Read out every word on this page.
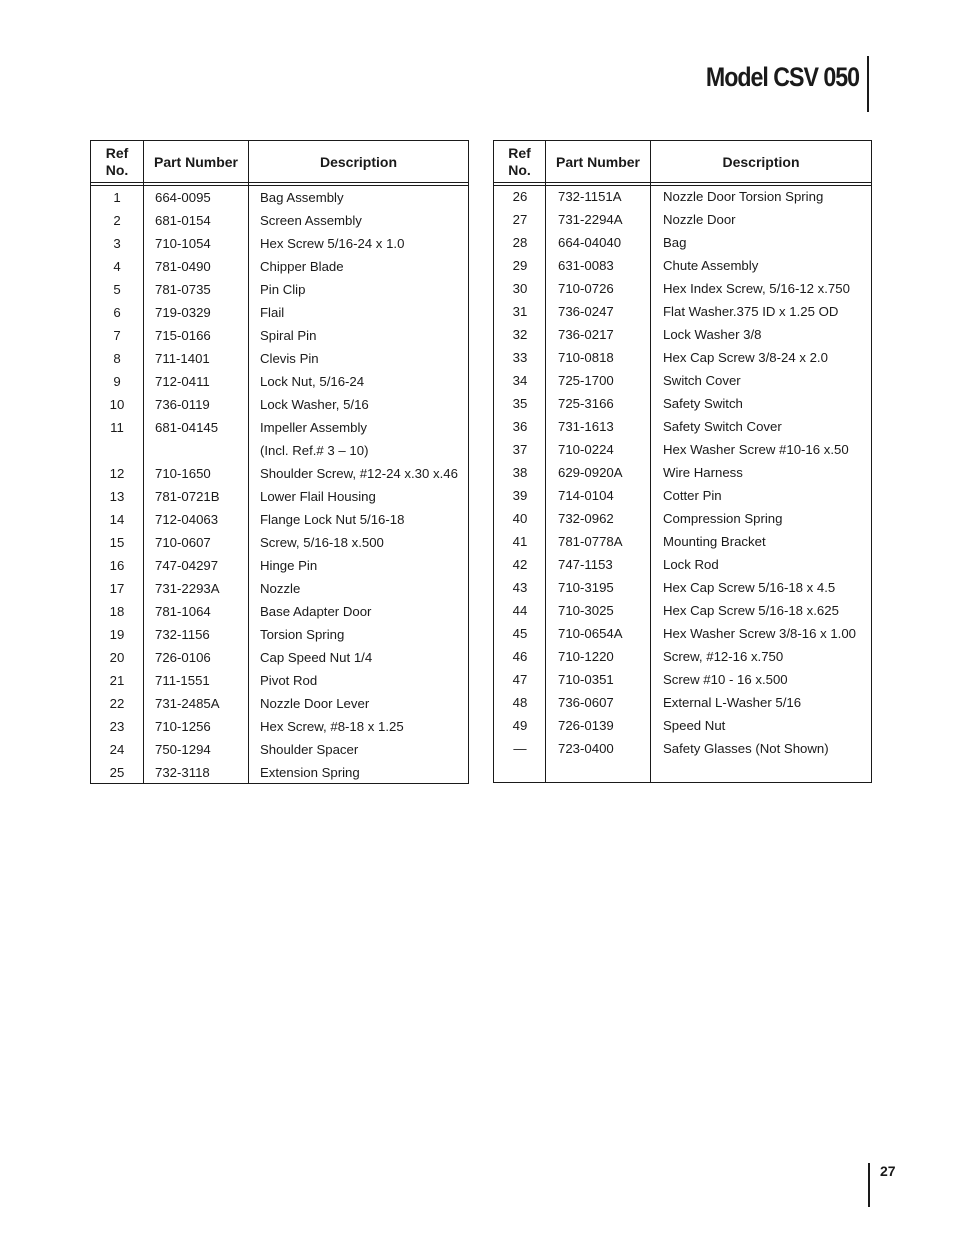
Model CSV 050
Ref
No.
Part Number	Description
1	664-0095	Bag Assembly
2	681-0154	Screen Assembly
3	710-1054	Hex Screw 5/16-24 x 1.0
4	781-0490	Chipper Blade
5	781-0735	Pin Clip
6	719-0329	Flail
7	715-0166	Spiral Pin
8	711-1401	Clevis Pin
9	712-0411	Lock Nut, 5/16-24
10	736-0119	Lock Washer, 5/16
11	681-04145	Impeller Assembly
(Incl. Ref.# 3 – 10)
12	710-1650	Shoulder Screw, #12-24 x.30 x.46
13	781-0721B	Lower Flail Housing
14	712-04063	Flange Lock Nut 5/16-18
15	710-0607	Screw, 5/16-18 x.500
16	747-04297	Hinge Pin
17	731-2293A	Nozzle
18	781-1064	Base Adapter Door
19	732-1156	Torsion Spring
20	726-0106	Cap Speed Nut 1/4
21	711-1551	Pivot Rod
22	731-2485A	Nozzle Door Lever
23	710-1256	Hex Screw, #8-18 x 1.25
24	750-1294	Shoulder Spacer
25	732-3118	Extension Spring
Ref
No.
Part Number	Description
26	732-1151A	Nozzle Door Torsion Spring
27	731-2294A	Nozzle Door
28	664-04040	Bag
29	631-0083	Chute Assembly
30	710-0726	Hex Index Screw, 5/16-12 x.750
31	736-0247	Flat Washer.375 ID x 1.25 OD
32	736-0217	Lock Washer 3/8
33	710-0818	Hex Cap Screw 3/8-24 x 2.0
34	725-1700	Switch Cover
35	725-3166	Safety Switch
36	731-1613	Safety Switch Cover
37	710-0224	Hex Washer Screw #10-16 x.50
38	629-0920A	Wire Harness
39	714-0104	Cotter Pin
40	732-0962	Compression Spring
41	781-0778A	Mounting Bracket
42	747-1153	Lock Rod
43	710-3195	Hex Cap Screw 5/16-18 x 4.5
44	710-3025	Hex Cap Screw 5/16-18 x.625
45	710-0654A	Hex Washer Screw 3/8-16 x 1.00
46	710-1220	Screw, #12-16 x.750
47	710-0351	Screw #10 - 16 x.500
48	736-0607	External L-Washer 5/16
49	726-0139	Speed Nut
—	723-0400	Safety Glasses (Not Shown)
27
